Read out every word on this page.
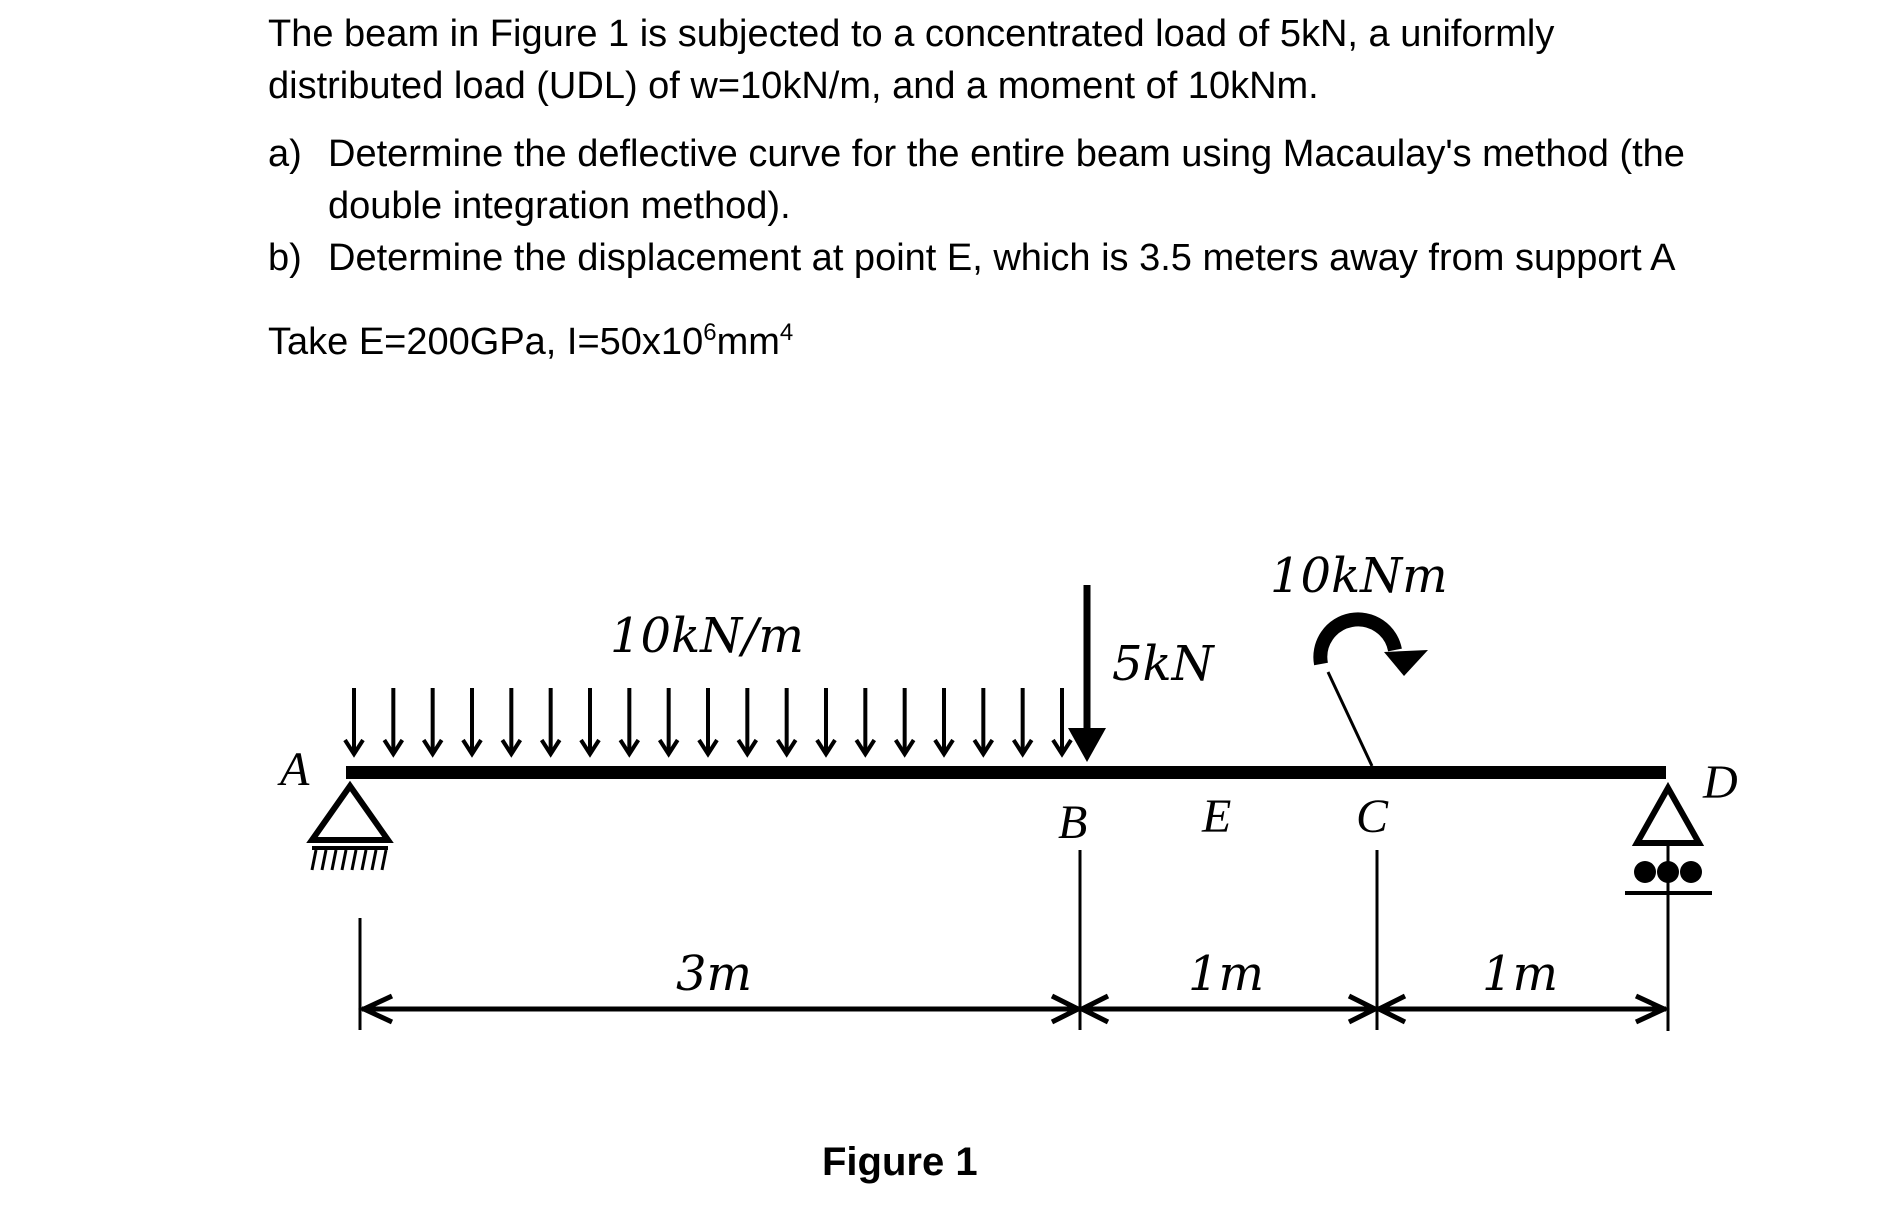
The beam in Figure 1 is subjected to a concentrated load of 5kN, a uniformly distributed load (UDL) of w=10kN/m, and a moment of 10kNm.

a) Determine the deflective curve for the entire beam using Macaulay's method (the double integration method).
b) Determine the displacement at point E, which is 3.5 meters away from support A

Take E=200GPa, $I=50x10^6mm^4$

10kN/m	5kN
10kNm
A	D
B E	C
3m	1m	1m
Figure 1
